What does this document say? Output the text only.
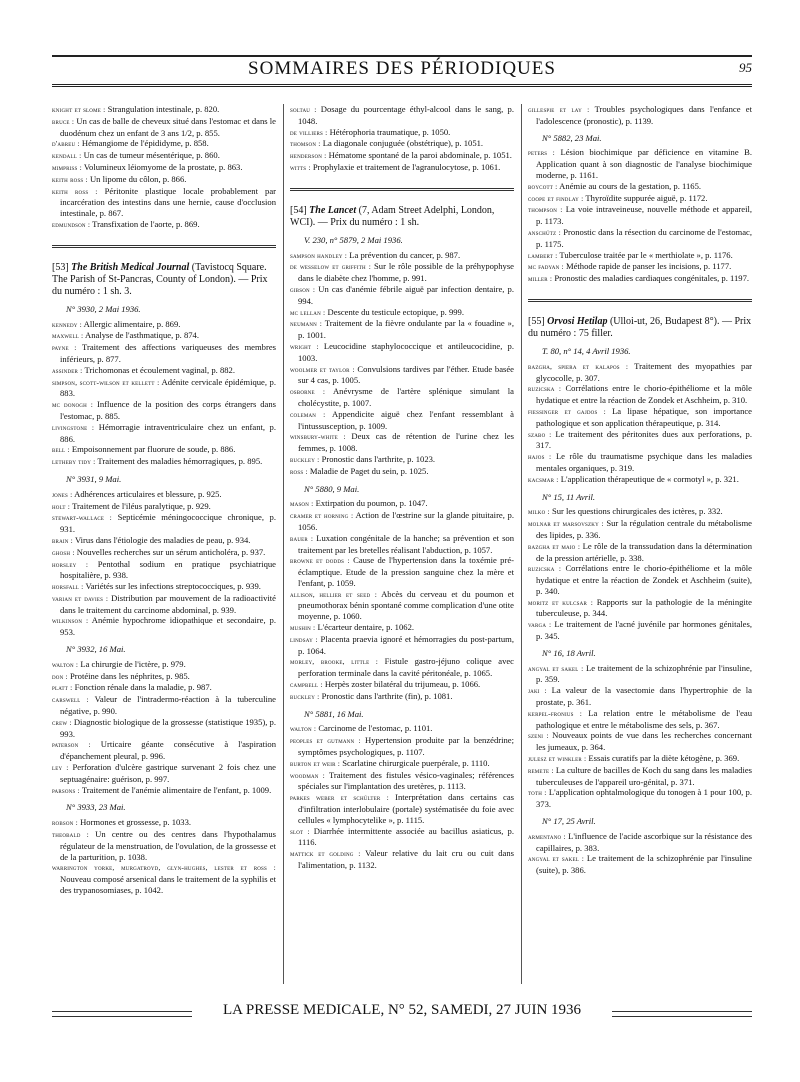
SOMMAIRES DES PÉRIODIQUES	95
knight et slome : Strangulation intestinale, p. 820.
bruce : Un cas de balle de cheveux situé dans l'estomac et dans le duodénum chez un enfant de 3 ans 1/2, p. 855.
d'abreu : Hémangiome de l'épididyme, p. 858.
kendall : Un cas de tumeur mésentérique, p. 860.
mimpriss : Volumineux léiomyome de la prostate, p. 863.
keith ross : Un lipome du côlon, p. 866.
keith ross : Péritonite plastique locale probablement par incarcération des intestins dans une hernie, cause d'occlusion intestinale, p. 867.
edmundson : Transfixation de l'aorte, p. 869.
[53] The British Medical Journal (Tavistocq Square. The Parish of St-Pancras, County of London). — Prix du numéro : 1 sh. 3.
N° 3930, 2 Mai 1936.
kennedy : Allergic alimentaire, p. 869.
maxwell : Analyse de l'asthmatique, p. 874.
payne : Traitement des affections variqueuses des membres inférieurs, p. 877.
assinder : Trichomonas et écoulement vaginal, p. 882.
simpson, scott-wilson et kellett : Adénite cervicale épidémique, p. 883.
mc donogh : Influence de la position des corps étrangers dans l'estomac, p. 885.
livingstone : Hémorragie intraventriculaire chez un enfant, p. 886.
bell : Empoisonnement par fluorure de soude, p. 886.
letheby tidy : Traitement des maladies hémorragiques, p. 895.
N° 3931, 9 Mai.
jones : Adhérences articulaires et blessure, p. 925.
holt : Traitement de l'iléus paralytique, p. 929.
stewart-wallace : Septicémie méningococcique chronique, p. 931.
brain : Virus dans l'étiologie des maladies de peau, p. 934.
ghosh : Nouvelles recherches sur un sérum anticholéra, p. 937.
horsley : Pentothal sodium en pratique psychiatrique hospitalière, p. 938.
horsfall : Variétés sur les infections streptococciques, p. 939.
varian et davies : Distribution par mouvement de la radioactivité dans le traitement du carcinome abdominal, p. 939.
wilkinson : Anémie hypochrome idiopathique et secondaire, p. 953.
N° 3932, 16 Mai.
walton : La chirurgie de l'ictère, p. 979.
don : Protéine dans les néphrites, p. 985.
platt : Fonction rénale dans la maladie, p. 987.
carswell : Valeur de l'intradermo-réaction à la tuberculine négative, p. 990.
crew : Diagnostic biologique de la grossesse (statistique 1935), p. 993.
paterson : Urticaire géante consécutive à l'aspiration d'épanchement pleural, p. 996.
ley : Perforation d'ulcère gastrique survenant 2 fois chez une septuagénaire: guérison, p. 997.
parsons : Traitement de l'anémie alimentaire de l'enfant, p. 1009.
N° 3933, 23 Mai.
robson : Hormones et grossesse, p. 1033.
theobald : Un centre ou des centres dans l'hypothalamus régulateur de la menstruation, de l'ovulation, de la grossesse et de la parturition, p. 1038.
warrington yorke, murgatroyd, glyn-hughes, lester et ross : Nouveau composé arsenical dans le traitement de la syphilis et des trypanosomiases, p. 1042.
soltau : Dosage du pourcentage éthyl-alcool dans le sang, p. 1048.
de villiers : Hétérophoria traumatique, p. 1050.
thomson : La diagonale conjuguée (obstétrique), p. 1051.
henderson : Hématome spontané de la paroi abdominale, p. 1051.
witts : Prophylaxie et traitement de l'agranulocytose, p. 1061.
[54] The Lancet (7, Adam Street Adelphi, London, WCI). — Prix du numéro : 1 sh.
V. 230, n° 5879, 2 Mai 1936.
sampson handley : La prévention du cancer, p. 987.
de wesselow et griffith : Sur le rôle possible de la préhypophyse dans le diabète chez l'homme, p. 991.
gibson : Un cas d'anémie fébrile aiguë par infection dentaire, p. 994.
mc lellan : Descente du testicule ectopique, p. 999.
neumann : Traitement de la fièvre ondulante par la « fouadine », p. 1001.
wright : Leucocidine staphylococcique et antileucocidine, p. 1003.
woolmer et taylor : Convulsions tardives par l'éther. Etude basée sur 4 cas, p. 1005.
osborne : Anévrysme de l'artère splénique simulant la cholécystite, p. 1007.
coleman : Appendicite aiguë chez l'enfant ressemblant à l'intussusception, p. 1009.
winsbury-white : Deux cas de rétention de l'urine chez les femmes, p. 1008.
buckley : Pronostic dans l'arthrite, p. 1023.
ross : Maladie de Paget du sein, p. 1025.
N° 5880, 9 Mai.
mason : Extirpation du poumon, p. 1047.
cramer et horning : Action de l'œstrine sur la glande pituitaire, p. 1056.
bauer : Luxation congénitale de la hanche; sa prévention et son traitement par les bretelles réalisant l'abduction, p. 1057.
browne et dodds : Cause de l'hypertension dans la toxémie pré-éclamptique. Etude de la pression sanguine chez la mère et l'enfant, p. 1059.
allison, hellier et seed : Abcès du cerveau et du poumon et pneumothorax bénin spontané comme complication d'une otite moyenne, p. 1060.
mushin : L'écarteur dentaire, p. 1062.
lindsay : Placenta praevia ignoré et hémorragies du post-partum, p. 1064.
morley, brooke, little : Fistule gastro-jéjuno colique avec perforation terminale dans la cavité péritonéale, p. 1065.
campbell : Herpès zoster bilatéral du trijumeau, p. 1066.
buckley : Pronostic dans l'arthrite (fin), p. 1081.
N° 5881, 16 Mai.
walton : Carcinome de l'estomac, p. 1101.
peoples et gutmann : Hypertension produite par la benzédrine; symptômes psychologiques, p. 1107.
burton et weir : Scarlatine chirurgicale puerpérale, p. 1110.
woodman : Traitement des fistules vésico-vaginales; références spéciales sur l'implantation des uretères, p. 1113.
parkes weber et schülter : Interprétation dans certains cas d'infiltration interlobulaire (portale) systématisée du foie avec cellules « lymphocytelike », p. 1115.
slot : Diarrhée intermittente associée au bacillus asiaticus, p. 1116.
mattick et golding : Valeur relative du lait cru ou cuit dans l'alimentation, p. 1132.
gillespie et lay : Troubles psychologiques dans l'enfance et l'adolescence (pronostic), p. 1139.
N° 5882, 23 Mai.
peters : Lésion biochimique par déficience en vitamine B. Application quant à son diagnostic de l'analyse biochimique moderne, p. 1161.
boycott : Anémie au cours de la gestation, p. 1165.
coope et findlay : Thyroïdite suppurée aiguë, p. 1172.
thompson : La voie intraveineuse, nouvelle méthode et appareil, p. 1173.
anschütz : Pronostic dans la résection du carcinome de l'estomac, p. 1175.
lambert : Tuberculose traitée par le « merthiolate », p. 1176.
mc fadyan : Méthode rapide de panser les incisions, p. 1177.
miller : Pronostic des maladies cardiaques congénitales, p. 1197.
[55] Orvosi Hetilap (Ulloi-ut, 26, Budapest 8°). — Prix du numéro : 75 filler.
T. 80, n° 14, 4 Avril 1936.
bazgha, spiera et kalapos : Traitement des myopathies par glycocolle, p. 307.
ruzicska : Corrélations entre le chorio-épithéliome et la môle hydatique et entre la réaction de Zondek et Aschheim, p. 310.
fiessinger et gajdos : La lipase hépatique, son importance pathologique et son application thérapeutique, p. 314.
szabo : Le traitement des péritonites dues aux perforations, p. 317.
hajos : Le rôle du traumatisme psychique dans les maladies mentales organiques, p. 319.
kacsmar : L'application thérapeutique de « cormotyl », p. 321.
N° 15, 11 Avril.
milko : Sur les questions chirurgicales des ictères, p. 332.
molnar et marsovszky : Sur la régulation centrale du métabolisme des lipides, p. 336.
bazgha et maio : Le rôle de la transsudation dans la détermination de la pression artérielle, p. 338.
ruzicska : Corrélations entre le chorio-épithéliome et la môle hydatique et entre la réaction de Zondek et Aschheim (suite), p. 340.
moritz et kulcsar : Rapports sur la pathologie de la méningite tuberculeuse, p. 344.
varga : Le traitement de l'acné juvénile par hormones génitales, p. 345.
N° 16, 18 Avril.
angyal et sakel : Le traitement de la schizophrénie par l'insuline, p. 359.
jaki : La valeur de la vasectomie dans l'hypertrophie de la prostate, p. 361.
kerpel-fronius : La relation entre le métabolisme de l'eau pathologique et entre le métabolisme des sels, p. 367.
szeni : Nouveaux points de vue dans les recherches concernant les jumeaux, p. 364.
julesz et winkler : Essais curatifs par la diète kétogène, p. 369.
remete : La culture de bacilles de Koch du sang dans les maladies tuberculeuses de l'appareil uro-génital, p. 371.
toth : L'application ophtalmologique du tonogen à 1 pour 100, p. 373.
N° 17, 25 Avril.
armentano : L'influence de l'acide ascorbique sur la résistance des capillaires, p. 383.
angyal et sakel : Le traitement de la schizophrénie par l'insuline (suite), p. 386.
LA PRESSE MEDICALE, N° 52, SAMEDI, 27 JUIN 1936
